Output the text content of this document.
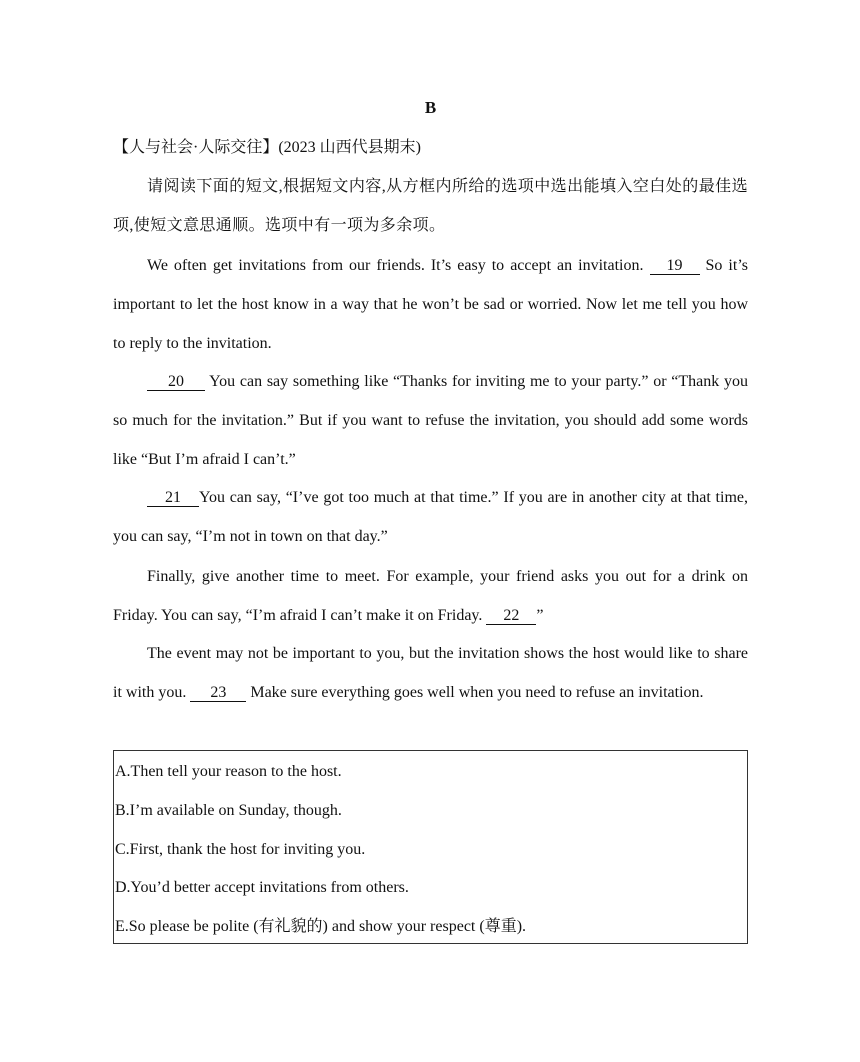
B
【人与社会·人际交往】(2023 山西代县期末)
请阅读下面的短文,根据短文内容,从方框内所给的选项中选出能填入空白处的最佳选项,使短文意思通顺。选项中有一项为多余项。
We often get invitations from our friends. It’s easy to accept an invitation. 19 So it’s important to let the host know in a way that he won’t be sad or worried. Now let me tell you how to reply to the invitation.
20 You can say something like “Thanks for inviting me to your party.” or “Thank you so much for the invitation.” But if you want to refuse the invitation, you should add some words like “But I’m afraid I can’t.”
21 You can say, “I’ve got too much at that time.” If you are in another city at that time, you can say, “I’m not in town on that day.”
Finally, give another time to meet. For example, your friend asks you out for a drink on Friday. You can say, “I’m afraid I can’t make it on Friday. 22 ”
The event may not be important to you, but the invitation shows the host would like to share it with you. 23 Make sure everything goes well when you need to refuse an invitation.
A.Then tell your reason to the host.
B.I’m available on Sunday, though.
C.First, thank the host for inviting you.
D.You’d better accept invitations from others.
E.So please be polite (有礼貌的) and show your respect (尊重).
